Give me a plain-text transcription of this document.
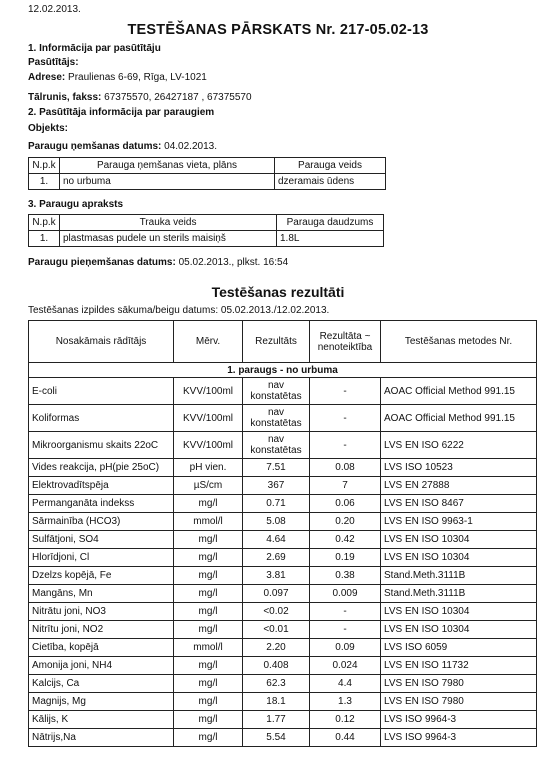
12.02.2013.
TESTĒŠANAS PĀRSKATS Nr. 217-05.02-13
1. Informācija par pasūtītāju
Pasūtītājs:
Adrese: Praulienas 6-69, Rīga, LV-1021
Tālrunis, fakss: 67375570, 26427187 , 67375570
2. Pasūtītāja informācija par paraugiem
Objekts:
Paraugu ņemšanas datums: 04.02.2013.
N.p.k	Parauga ņemšanas vieta, plāns	Parauga veids
1.	no urbuma	dzeramais ūdens
3. Paraugu apraksts
N.p.k	Trauka veids	Parauga daudzums
1.	plastmasas pudele un sterils maisiņš	1.8L
Paraugu pieņemšanas datums: 05.02.2013., plkst. 16:54
Testēšanas rezultāti
Testēšanas izpildes sākuma/beigu datums: 05.02.2013./12.02.2013.
Nosakāmais rādītājs	Mērv.	Rezultāts	Rezultāta ~ nenoteiktība	Testēšanas metodes Nr.
1. paraugs - no urbuma				
E-coli	KVV/100ml	nav konstatētas	-	AOAC Official Method 991.15
Koliformas	KVV/100ml	nav konstatētas	-	AOAC Official Method 991.15
Mikroorganismu skaits 22oC	KVV/100ml	nav konstatētas	-	LVS EN ISO 6222
Vides reakcija, pH(pie 25oC)	pH vien.	7.51	0.08	LVS ISO 10523
Elektrovadītspēja	µS/cm	367	7	LVS EN 27888
Permanganāta indekss	mg/l	0.71	0.06	LVS EN ISO 8467
Sārmainība (HCO3)	mmol/l	5.08	0.20	LVS EN ISO 9963-1
Sulfātjoni, SO4	mg/l	4.64	0.42	LVS EN ISO 10304
Hlorīdjoni, Cl	mg/l	2.69	0.19	LVS EN ISO 10304
Dzelzs kopējā, Fe	mg/l	3.81	0.38	Stand.Meth.3111B
Mangāns, Mn	mg/l	0.097	0.009	Stand.Meth.3111B
Nitrātu joni, NO3	mg/l	<0.02	-	LVS EN ISO 10304
Nitrītu joni, NO2	mg/l	<0.01	-	LVS EN ISO 10304
Cietība, kopējā	mmol/l	2.20	0.09	LVS ISO 6059
Amonija joni, NH4	mg/l	0.408	0.024	LVS EN ISO 11732
Kalcijs, Ca	mg/l	62.3	4.4	LVS EN ISO 7980
Magnijs, Mg	mg/l	18.1	1.3	LVS EN ISO 7980
Kālijs, K	mg/l	1.77	0.12	LVS ISO 9964-3
Nātrijs,Na	mg/l	5.54	0.44	LVS ISO 9964-3
